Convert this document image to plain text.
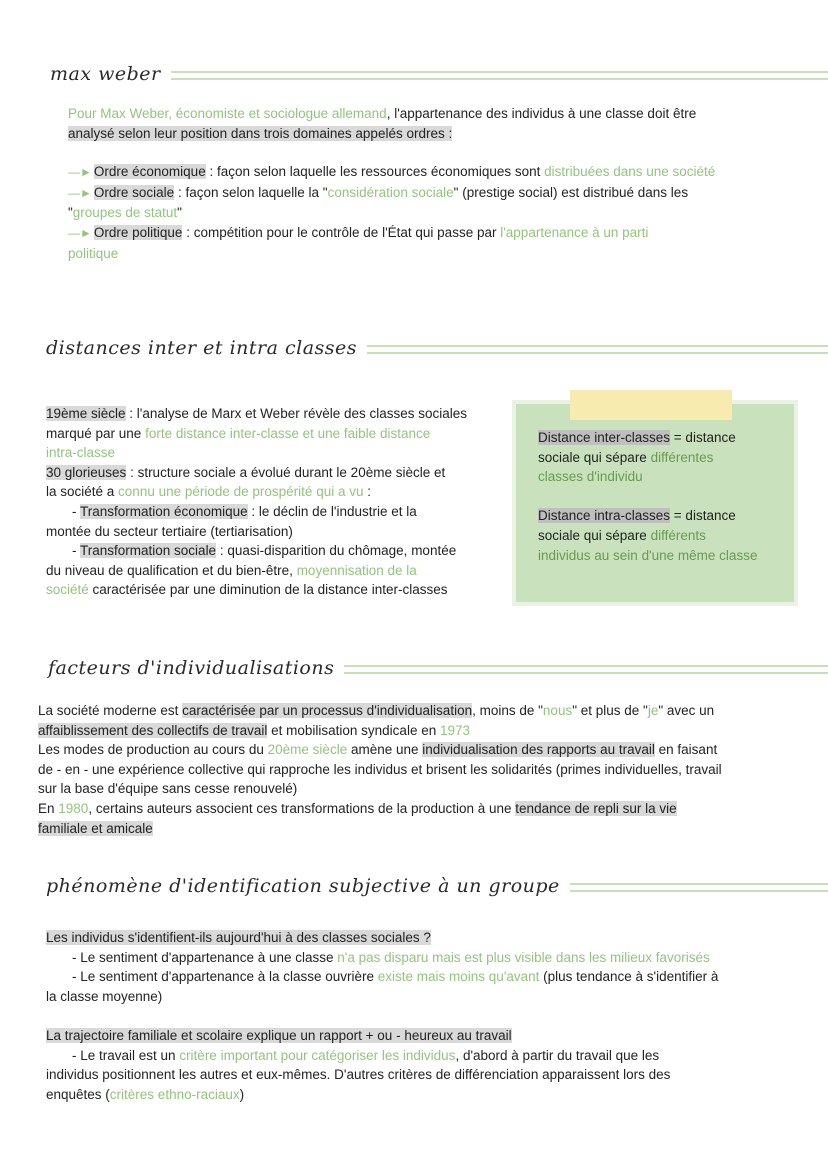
max weber

Pour Max Weber, économiste et sociologue allemand, l'appartenance des individus à une classe doit être

analysé selon leur position dans trois domaines appelés ordres :

—► Ordre économique : façon selon laquelle les ressources économiques sont distribuées dans une société

—► Ordre sociale : façon selon laquelle la "considération sociale" (prestige social) est distribué dans les

"groupes de statut"

—► Ordre politique : compétition pour le contrôle de l'État qui passe par l'appartenance à un parti

politique

distances inter et intra classes

19ème siècle : l'analyse de Marx et Weber révèle des classes sociales

marqué par une forte distance inter-classe et une faible distance

intra-classe

30 glorieuses : structure sociale a évolué durant le 20ème siècle et

la société a connu une période de prospérité qui a vu :

- Transformation économique : le déclin de l'industrie et la

montée du secteur tertiaire (tertiarisation)

- Transformation sociale : quasi-disparition du chômage, montée

du niveau de qualification et du bien-être, moyennisation de la

société caractérisée par une diminution de la distance inter-classes

Distance inter-classes = distance

sociale qui sépare différentes

classes d'individu

Distance intra-classes = distance

sociale qui sépare différents

individus au sein d'une même classe

facteurs d'individualisations

La société moderne est caractérisée par un processus d'individualisation, moins de "nous" et plus de "je" avec un

affaiblissement des collectifs de travail et mobilisation syndicale en 1973

Les modes de production au cours du 20ème siècle amène une individualisation des rapports au travail en faisant

de - en - une expérience collective qui rapproche les individus et brisent les solidarités (primes individuelles, travail

sur la base d'équipe sans cesse renouvelé)

En 1980, certains auteurs associent ces transformations de la production à une tendance de repli sur la vie

familiale et amicale

phénomène d'identification subjective à un groupe

Les individus s'identifient-ils aujourd'hui à des classes sociales ?

- Le sentiment d'appartenance à une classe n'a pas disparu mais est plus visible dans les milieux favorisés

- Le sentiment d'appartenance à la classe ouvrière existe mais moins qu'avant (plus tendance à s'identifier à

la classe moyenne)

La trajectoire familiale et scolaire explique un rapport + ou - heureux au travail

- Le travail est un critère important pour catégoriser les individus, d'abord à partir du travail que les

individus positionnent les autres et eux-mêmes. D'autres critères de différenciation apparaissent lors des

enquêtes (critères ethno-raciaux)
